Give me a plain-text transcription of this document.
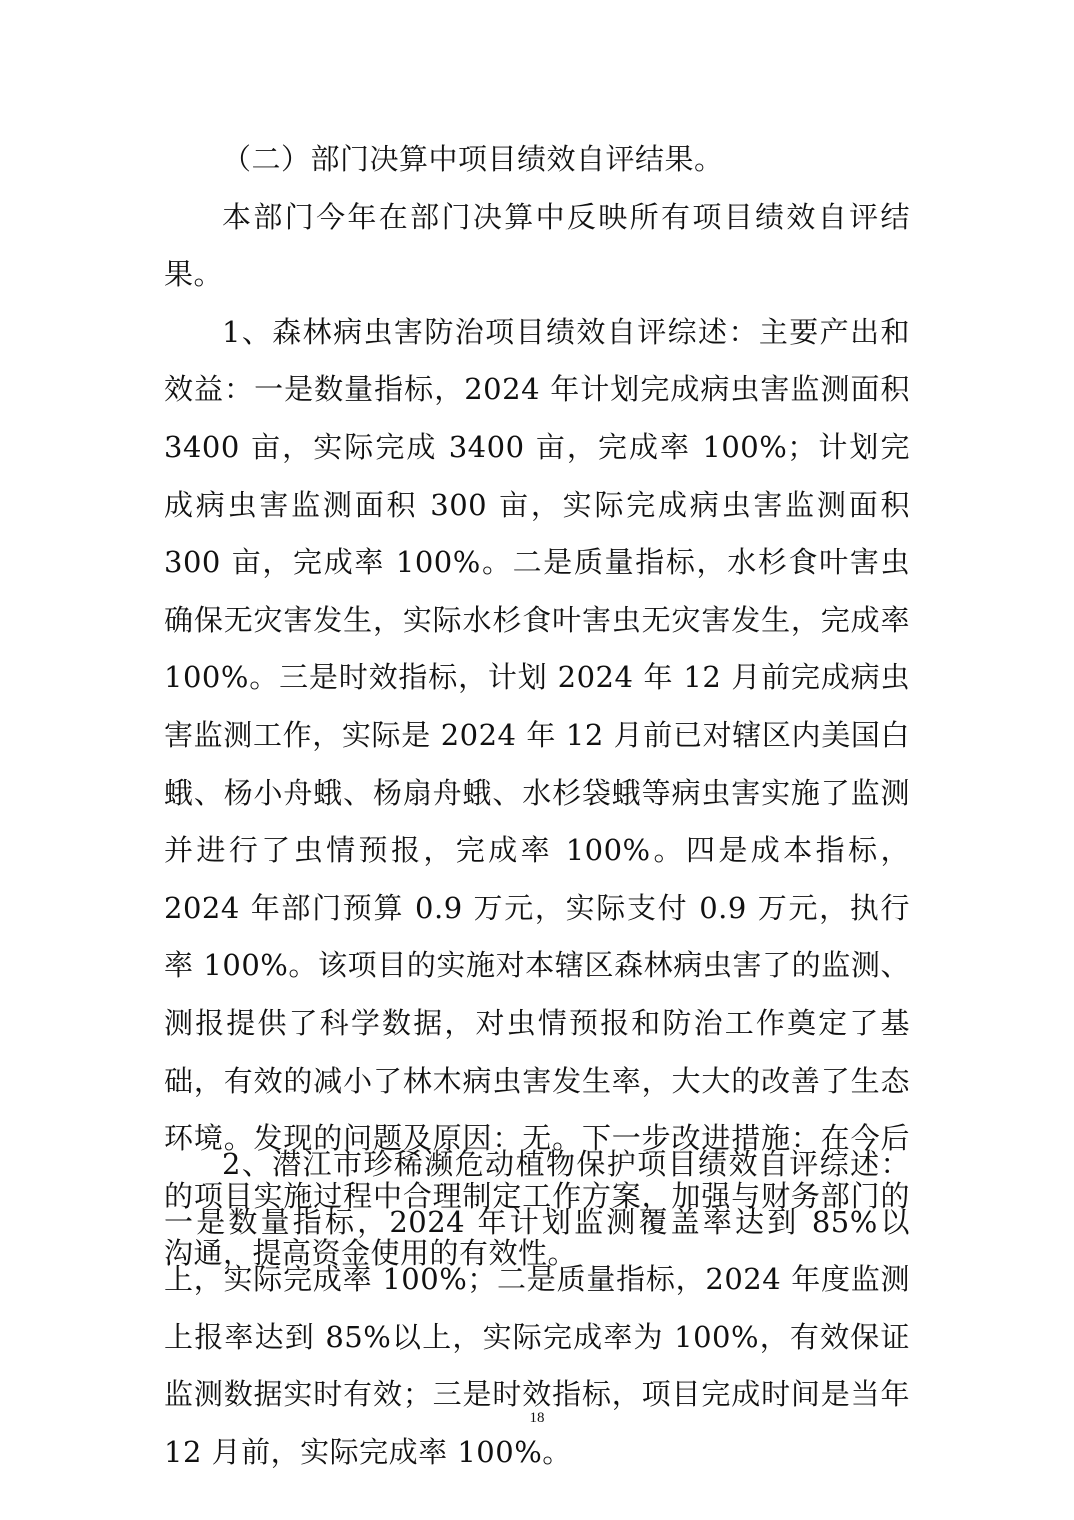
（二）部门决算中项目绩效自评结果。

本部门今年在部门决算中反映所有项目绩效自评结果。

1、森林病虫害防治项目绩效自评综述：主要产出和效益：一是数量指标，2024 年计划完成病虫害监测面积 3400 亩，实际完成 3400 亩，完成率 100%；计划完成病虫害监测面积 300 亩，实际完成病虫害监测面积 300 亩，完成率 100%。二是质量指标，水杉食叶害虫确保无灾害发生，实际水杉食叶害虫无灾害发生，完成率 100%。三是时效指标，计划 2024 年 12 月前完成病虫害监测工作，实际是 2024 年 12 月前已对辖区内美国白蛾、杨小舟蛾、杨扇舟蛾、水杉袋蛾等病虫害实施了监测并进行了虫情预报，完成率 100%。四是成本指标，2024 年部门预算 0.9 万元，实际支付 0.9 万元，执行率 100%。该项目的实施对本辖区森林病虫害了的监测、测报提供了科学数据，对虫情预报和防治工作奠定了基础，有效的减小了林木病虫害发生率，大大的改善了生态环境。发现的问题及原因：无。下一步改进措施：在今后的项目实施过程中合理制定工作方案，加强与财务部门的沟通，提高资金使用的有效性。

2、潜江市珍稀濒危动植物保护项目绩效自评综述：一是数量指标，2024 年计划监测覆盖率达到 85%以上，实际完成率 100%；二是质量指标，2024 年度监测上报率达到 85%以上，实际完成率为 100%，有效保证监测数据实时有效；三是时效指标，项目完成时间是当年 12 月前，实际完成率 100%。

18
